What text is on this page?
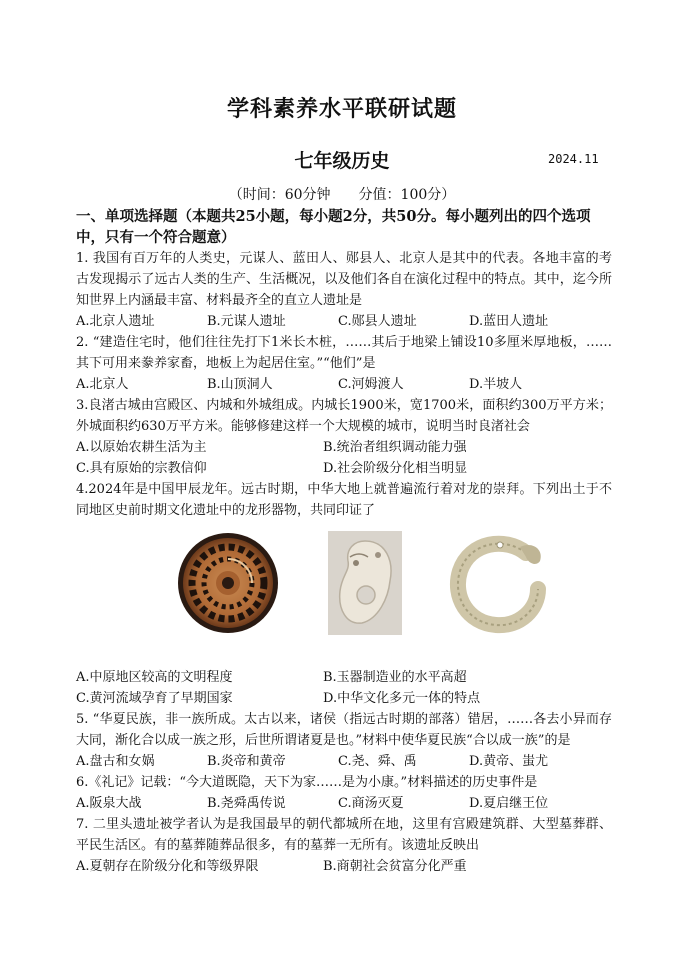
学科素养水平联研试题
七年级历史	2024.11
（时间：60分钟　　分值：100分）
一、单项选择题（本题共25小题，每小题2分，共50分。每小题列出的四个选项中，只有一个符合题意）

1. 我国有百万年的人类史，元谋人、蓝田人、郧县人、北京人是其中的代表。各地丰富的考古发现揭示了远古人类的生产、生活概况，以及他们各自在演化过程中的特点。其中，迄今所知世界上内涵最丰富、材料最齐全的直立人遗址是

A.北京人遗址	B.元谋人遗址	C.郧县人遗址	D.蓝田人遗址

2. “建造住宅时，他们往往先打下1米长木桩，……其后于地梁上铺设10多厘米厚地板，……其下可用来豢养家畜，地板上为起居住室。”“他们”是

A.北京人	B.山顶洞人	C.河姆渡人	D.半坡人

3.良渚古城由宫殿区、内城和外城组成。内城长1900米，宽1700米，面积约300万平方米；外城面积约630万平方米。能够修建这样一个大规模的城市，说明当时良渚社会

A.以原始农耕生活为主	B.统治者组织调动能力强
C.具有原始的宗教信仰	D.社会阶级分化相当明显

4.2024年是中国甲辰龙年。远古时期，中华大地上就普遍流行着对龙的崇拜。下列出土于不同地区史前时期文化遗址中的龙形器物，共同印证了

A.中原地区较高的文明程度	B.玉器制造业的水平高超
C.黄河流域孕育了早期国家	D.中华文化多元一体的特点

5. “华夏民族，非一族所成。太古以来，诸侯（指远古时期的部落）错居，……各去小异而存大同，渐化合以成一族之形，后世所谓诸夏是也。”材料中使华夏民族“合以成一族”的是

A.盘古和女娲	B.炎帝和黄帝	C.尧、舜、禹	D.黄帝、蚩尤

6.《礼记》记载：“今大道既隐，天下为家……是为小康。”材料描述的历史事件是

A.阪泉大战	B.尧舜禹传说	C.商汤灭夏	D.夏启继王位

7. 二里头遗址被学者认为是我国最早的朝代都城所在地，这里有宫殿建筑群、大型墓葬群、平民生活区。有的墓葬随葬品很多，有的墓葬一无所有。该遗址反映出

A.夏朝存在阶级分化和等级界限	B.商朝社会贫富分化严重
